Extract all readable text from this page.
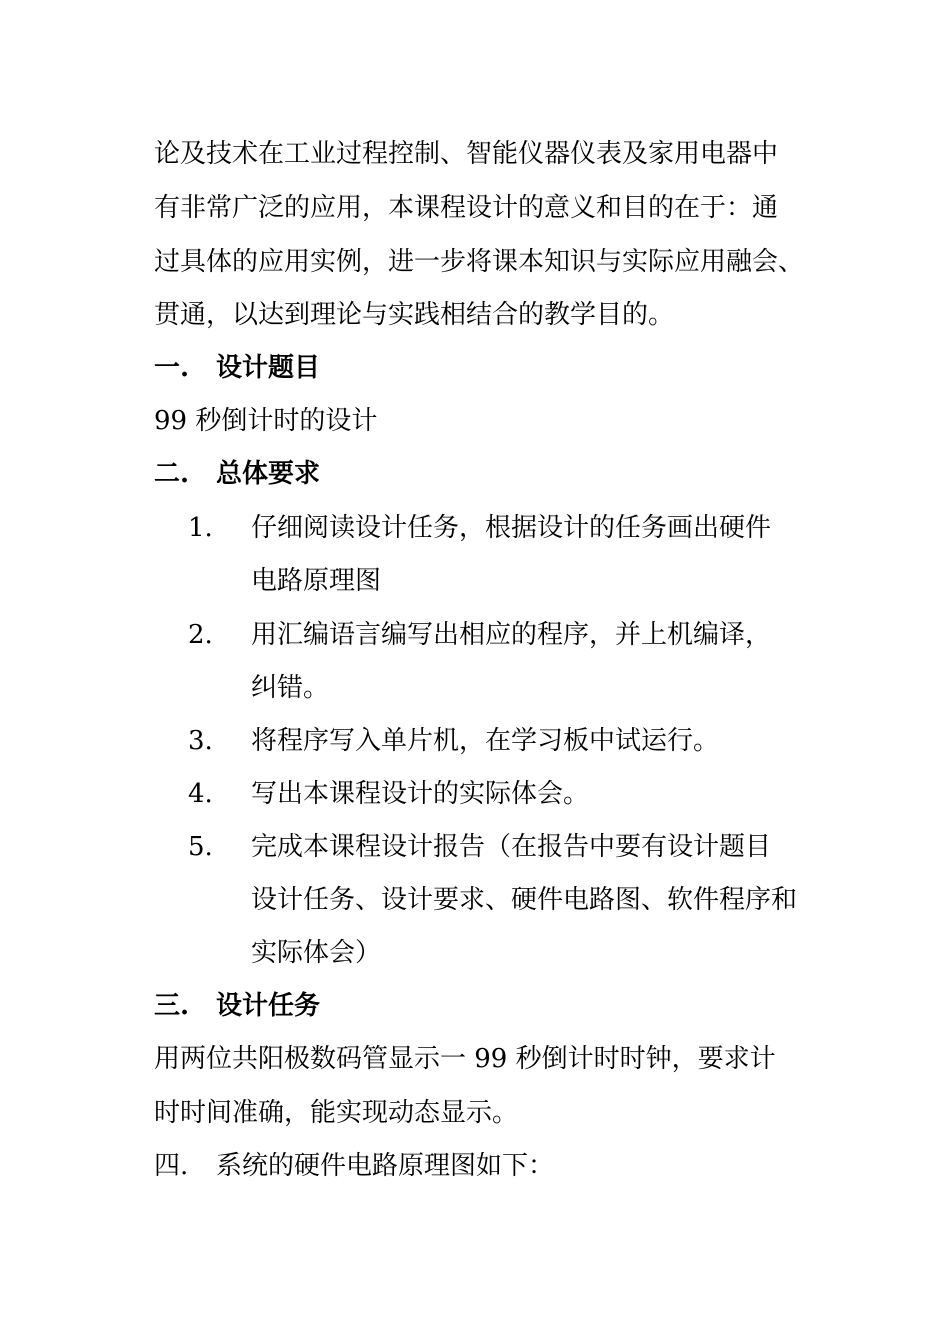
论及技术在工业过程控制、智能仪器仪表及家用电器中
有非常广泛的应用，本课程设计的意义和目的在于：通
过具体的应用实例，进一步将课本知识与实际应用融会、
贯通，以达到理论与实践相结合的教学目的。
一. 设计题目
99 秒倒计时的设计
二. 总体要求
1. 仔细阅读设计任务，根据设计的任务画出硬件
电路原理图
2. 用汇编语言编写出相应的程序，并上机编译，
纠错。
3. 将程序写入单片机，在学习板中试运行。
4. 写出本课程设计的实际体会。
5. 完成本课程设计报告（在报告中要有设计题目
设计任务、设计要求、硬件电路图、软件程序和
实际体会）
三. 设计任务
用两位共阳极数码管显示一 99 秒倒计时时钟，要求计
时时间准确，能实现动态显示。
四. 系统的硬件电路原理图如下：
